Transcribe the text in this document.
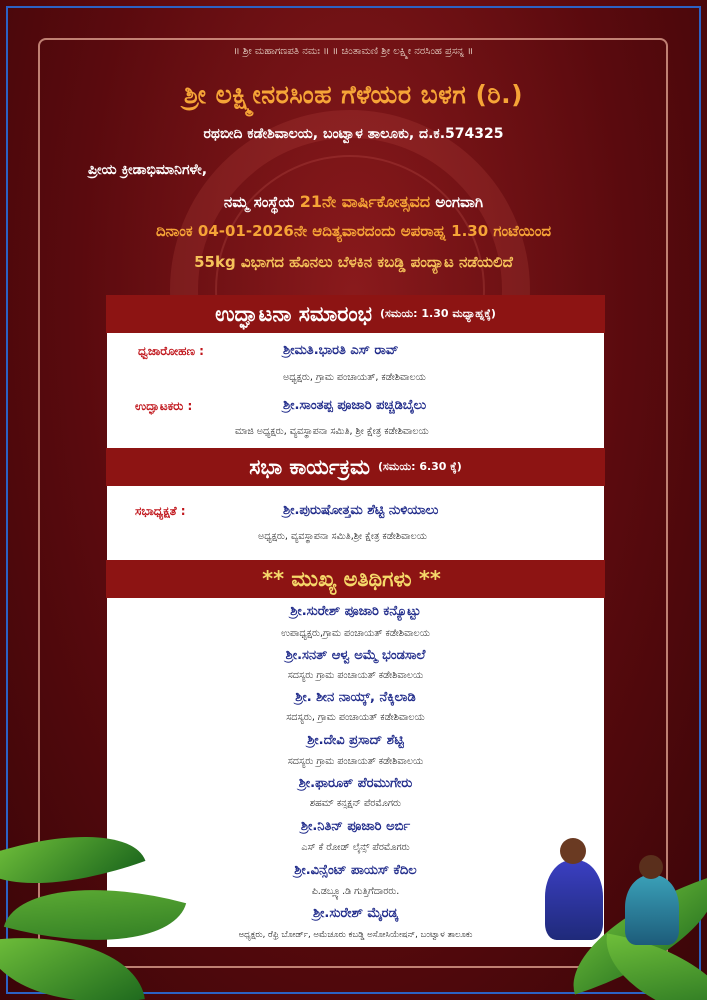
॥ ಶ್ರೀ ಮಹಾಗಣಪತಿ ನಮಃ ॥ ॥ ಚಿಂತಾಮಣಿ ಶ್ರೀ ಲಕ್ಷ್ಮೀ ನರಸಿಂಹ ಪ್ರಸನ್ನ ॥
ಶ್ರೀ ಲಕ್ಷ್ಮೀನರಸಿಂಹ ಗೆಳೆಯರ ಬಳಗ (ರಿ.)
ರಥಬೀದಿ ಕಡೇಶಿವಾಲಯ, ಬಂಟ್ವಾಳ ತಾಲೂಕು, ದ.ಕ.574325
ಪ್ರೀಯ ಕ್ರೀಡಾಭಿಮಾನಿಗಳೇ,
ನಮ್ಮ ಸಂಸ್ಥೆಯ 21ನೇ ವಾರ್ಷಿಕೋತ್ಸವದ ಅಂಗವಾಗಿ
ದಿನಾಂಕ 04-01-2026ನೇ ಆದಿತ್ಯವಾರದಂದು ಅಪರಾಹ್ನ 1.30 ಗಂಟೆಯಿಂದ
55kg ವಿಭಾಗದ ಹೊನಲು ಬೆಳಕಿನ ಕಬಡ್ಡಿ ಪಂದ್ಯಾಟ ನಡೆಯಲಿದೆ
ಉದ್ಘಾಟನಾ ಸಮಾರಂಭ (ಸಮಯ: 1.30 ಮಧ್ಯಾಹ್ನಕ್ಕೆ)
ಧ್ವಜಾರೋಹಣ :	ಶ್ರೀಮತಿ.ಭಾರತಿ ಎಸ್ ರಾವ್
ಅಧ್ಯಕ್ಷರು, ಗ್ರಾಮ ಪಂಚಾಯತ್, ಕಡೇಶಿವಾಲಯ
ಉದ್ಘಾಟಕರು :	ಶ್ರೀ.ಸಾಂತಪ್ಪ ಪೂಜಾರಿ ಪಚ್ಚಡಿಬೈಲು
ಮಾಜಿ ಅಧ್ಯಕ್ಷರು, ವ್ಯವಸ್ಥಾಪನಾ ಸಮಿತಿ, ಶ್ರೀ ಕ್ಷೇತ್ರ ಕಡೇಶಿವಾಲಯ
ಸಭಾ ಕಾರ್ಯಕ್ರಮ (ಸಮಯ: 6.30 ಕ್ಕೆ)
ಸಭಾಧ್ಯಕ್ಷತೆ :	ಶ್ರೀ.ಪುರುಷೋತ್ತಮ ಶೆಟ್ಟಿ ನುಳಿಯಾಲು
ಅಧ್ಯಕ್ಷರು, ವ್ಯವಸ್ಥಾಪನಾ ಸಮಿತಿ,ಶ್ರೀ ಕ್ಷೇತ್ರ ಕಡೇಶಿವಾಲಯ
** ಮುಖ್ಯ ಅತಿಥಿಗಳು **
ಶ್ರೀ.ಸುರೇಶ್ ಪೂಜಾರಿ ಕನ್ಯೊಟ್ಟು
ಉಪಾಧ್ಯಕ್ಷರು,ಗ್ರಾಮ ಪಂಚಾಯತ್ ಕಡೇಶಿವಾಲಯ
ಶ್ರೀ.ಸನತ್ ಆಳ್ವ ಅಮ್ಮೆ ಭಂಡಸಾಲೆ
ಸದಸ್ಯರು ಗ್ರಾಮ ಪಂಚಾಯತ್ ಕಡೇಶಿವಾಲಯ
ಶ್ರೀ. ಶೀನ ನಾಯ್ಕ್, ನೆಕ್ಕಿಲಾಡಿ
ಸದಸ್ಯರು, ಗ್ರಾಮ ಪಂಚಾಯತ್ ಕಡೇಶಿವಾಲಯ
ಶ್ರೀ.ದೇವಿ ಪ್ರಸಾದ್ ಶೆಟ್ಟಿ
ಸದಸ್ಯರು ಗ್ರಾಮ ಪಂಚಾಯತ್ ಕಡೇಶಿವಾಲಯ
ಶ್ರೀ.ಫಾರೂಕ್ ಪೆರಮುಗೇರು
ಶಹಮ್ ಕನ್ಸಕ್ಷನ್ ಪೆರಮೊಗರು
ಶ್ರೀ.ನಿತಿನ್ ಪೂಜಾರಿ ಅರ್ಬಿ
ಎಸ್ ಕೆ ರೋಡ್ ಲೈನ್ಸ್ ಪೆರಮೊಗರು
ಶ್ರೀ.ವಿನ್ಸೆಂಟ್ ಪಾಯಸ್ ಕೆದಿಲ
ಪಿ.ಡಬ್ಲ್ಯೂ.ಡಿ ಗುತ್ತಿಗೆದಾರರು.
ಶ್ರೀ.ಸುರೇಶ್ ಮೈರಡ್ಕ
ಅಧ್ಯಕ್ಷರು, ರೆಫ್ರಿ ಬೋರ್ಡ್, ಅಮೆಚೂರು ಕಬಡ್ಡಿ ಅಸೋಸಿಯೇಷನ್, ಬಂಟ್ವಾಳ ತಾಲೂಕು
